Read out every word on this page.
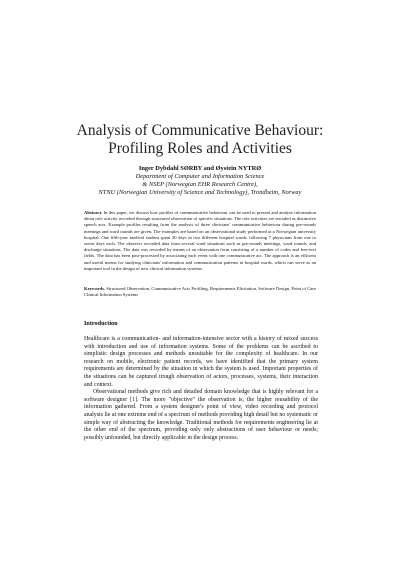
Analysis of Communicative Behaviour:
Profiling Roles and Activities
Inger Dybdahl SØRBY and Øystein NYTRØ
Department of Computer and Information Science
& NSEP (Norwegian EHR Research Centre),
NTNU (Norwegian University of Science and Technology), Trondheim, Norway
Abstract. In this paper, we discuss how profiles of communicative behaviour can be used to present and analyse information about role activity recorded through structured observation of specific situations. The role activities are encoded as distinctive speech acts. Example profiles resulting from the analysis of three clinicians' communicative behaviour during pre-rounds meetings and ward rounds are given. The examples are based on an observational study performed at a Norwegian university hospital. One fifth-year medical student spent 20 days in two different hospital wards, following 7 physicians from one to seven days each. The observer recorded data from several ward situations such as pre-rounds meetings, ward rounds, and discharge situations. The data was recorded by means of an observation form consisting of a number of codes and free-text fields. The data has been post-processed by associating each event with one communicative act. The approach is an efficient and useful means for studying clinicians' information and communication patterns in hospital wards, which can serve as an important tool in the design of new clinical information systems.
Keywords. Structured Observation, Communicative Acts Profiling, Requirements Elicitation, Software Design, Point of Care Clinical Information Systems
Introduction

Healthcare is a communication- and information-intensive sector with a history of mixed success with introduction and use of information systems. Some of the problems can be ascribed to simplistic design processes and methods unsuitable for the complexity of healthcare. In our research on mobile, electronic patient records, we have identified that the primary system requirements are determined by the situation in which the system is used. Important properties of the situations can be captured trough observation of actors, processes, systems, their interaction and context.

Observational methods give rich and detailed domain knowledge that is highly relevant for a software designer [1]. The more "objective" the observation is, the higher reusability of the information gathered. From a system designer's point of view, video recording and protocol analysis lie at one extreme end of a spectrum of methods providing high detail but no systematic or simple way of abstracting the knowledge. Traditional methods for requirements engineering lie at the other end of the spectrum, providing only only abstractions of user behaviour or needs; possibly unfounded, but directly applicable in the design process.
